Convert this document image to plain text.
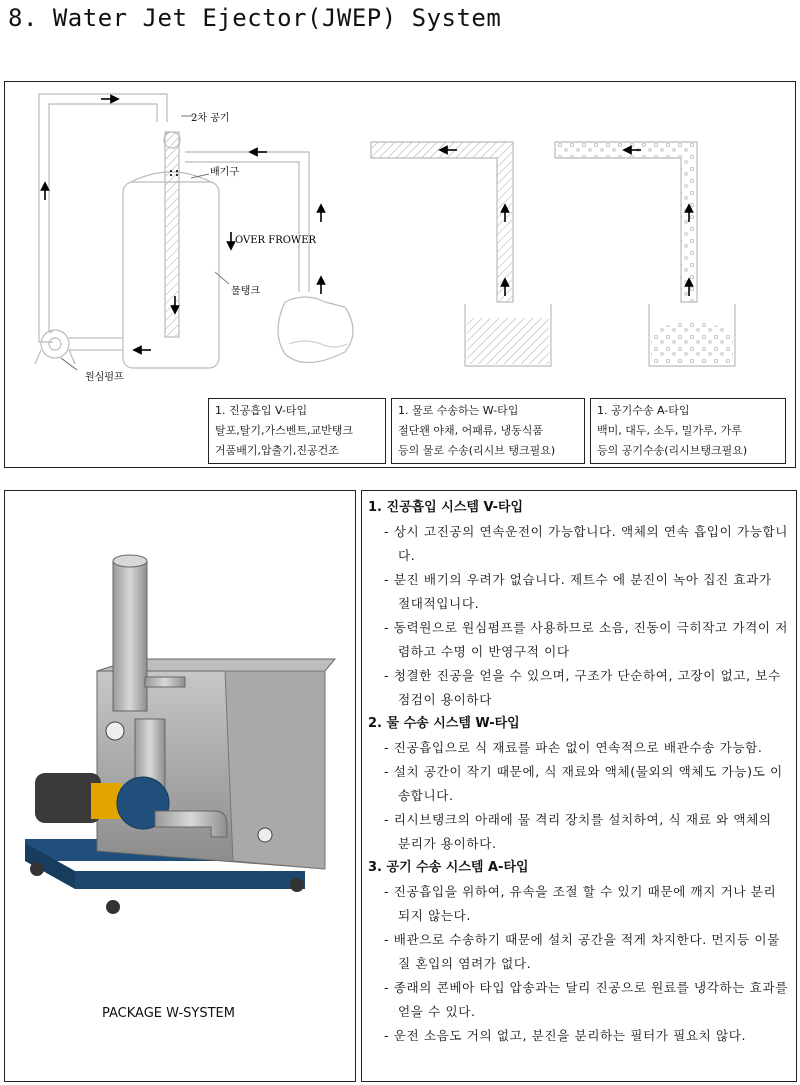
8. Water Jet Ejector(JWEP) System
2차 공기
배기구
OVER FROWER
물탱크
원심펌프
1. 진공흡입 V-타입
탈포,탈기,가스벤트,교반탱크
거품배기,압출기,진공건조
1. 물로 수송하는 W-타입
절단왠 야채, 어패류, 냉동식품
등의 물로 수송(리시브 탱크필요)
1. 공기수송 A-타입
백미, 대두, 소두, 밀가루, 가루
등의 공기수송(리시브탱크필요)
PACKAGE W-SYSTEM

1. 진공흡입 시스템 V-타입

- 상시 고진공의 연속운전이 가능합니다. 액체의 연속 흡입이 가능합니다.

- 분진 배기의 우려가 없습니다. 제트수 에 분진이 녹아 집진 효과가 절대적입니다.

- 동력원으로 원심펌프를 사용하므로 소음, 진동이 극히작고 가격이 저렴하고 수명 이 반영구적 이다

- 청결한 진공을 얻을 수 있으며, 구조가 단순하여, 고장이 없고, 보수 점검이 용이하다

2. 물 수송 시스템 W-타입

- 진공흡입으로 식 재료를 파손 없이 연속적으로 배관수송 가능함.

- 설치 공간이 작기 때문에, 식 재료와 액체(물외의 액체도 가능)도 이송합니다.

- 리시브탱크의 아래에 물 격리 장치를 설치하여, 식 재료 와 액체의 분리가 용이하다.

3. 공기 수송 시스템 A-타입

- 진공흡입을 위하여, 유속을 조절 할 수 있기 때문에 깨지 거나 분리되지 않는다.

- 배관으로 수송하기 때문에 설치 공간을 적게 차지한다. 먼지등 이물질 혼입의 염려가 없다.

- 종래의 콘베아 타입 압송과는 달리 진공으로 원료를 냉각하는 효과를 얻을 수 있다.

- 운전 소음도 거의 없고, 분진을 분리하는 필터가 필요치 않다.
